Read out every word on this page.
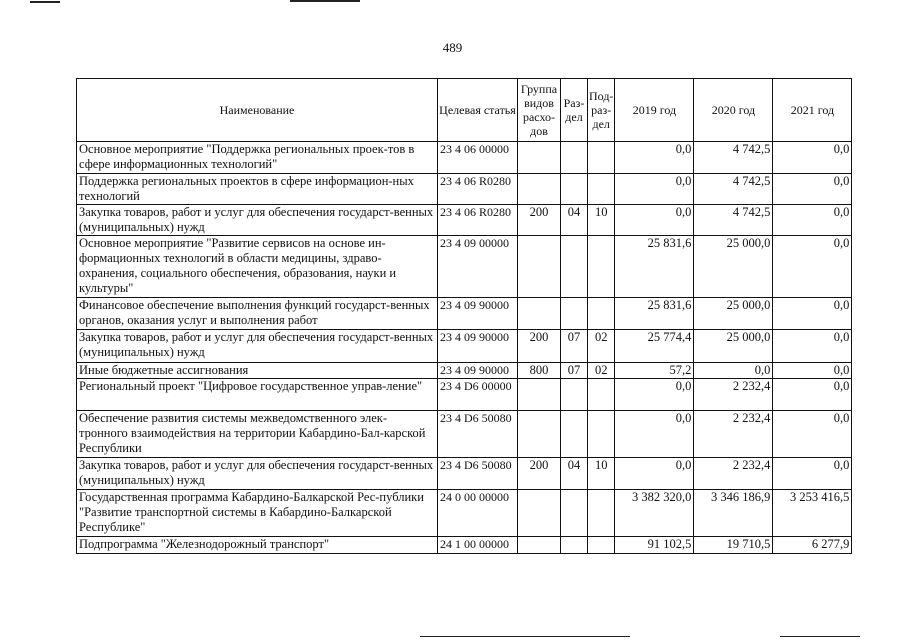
489
Наименование	Целевая статья	Группа видов расхо-дов	Раз-дел	Под-раз-дел	2019 год	2020 год	2021 год
Основное мероприятие "Поддержка региональных проек-тов в сфере информационных технологий"	23 4 06 00000				0,0	4 742,5	0,0
Поддержка региональных проектов в сфере информацион-ных технологий	23 4 06 R0280				0,0	4 742,5	0,0
Закупка товаров, работ и услуг для обеспечения государст-венных (муниципальных) нужд	23 4 06 R0280	200	04	10	0,0	4 742,5	0,0
Основное мероприятие "Развитие сервисов на основе ин-формационных технологий в области медицины, здраво-охранения, социального обеспечения, образования, науки и культуры"	23 4 09 00000				25 831,6	25 000,0	0,0
Финансовое обеспечение выполнения функций государст-венных органов, оказания услуг и выполнения работ	23 4 09 90000				25 831,6	25 000,0	0,0
Закупка товаров, работ и услуг для обеспечения государст-венных (муниципальных) нужд	23 4 09 90000	200	07	02	25 774,4	25 000,0	0,0
Иные бюджетные ассигнования	23 4 09 90000	800	07	02	57,2	0,0	0,0
Региональный проект "Цифровое государственное управ-ление"	23 4 D6 00000				0,0	2 232,4	0,0
Обеспечение развития системы межведомственного элек-тронного взаимодействия на территории Кабардино-Бал-карской Республики	23 4 D6 50080				0,0	2 232,4	0,0
Закупка товаров, работ и услуг для обеспечения государст-венных (муниципальных) нужд	23 4 D6 50080	200	04	10	0,0	2 232,4	0,0
Государственная программа Кабардино-Балкарской Рес-публики "Развитие транспортной системы в Кабардино-Балкарской Республике"	24 0 00 00000				3 382 320,0	3 346 186,9	3 253 416,5
Подпрограмма "Железнодорожный транспорт"	24 1 00 00000				91 102,5	19 710,5	6 277,9
